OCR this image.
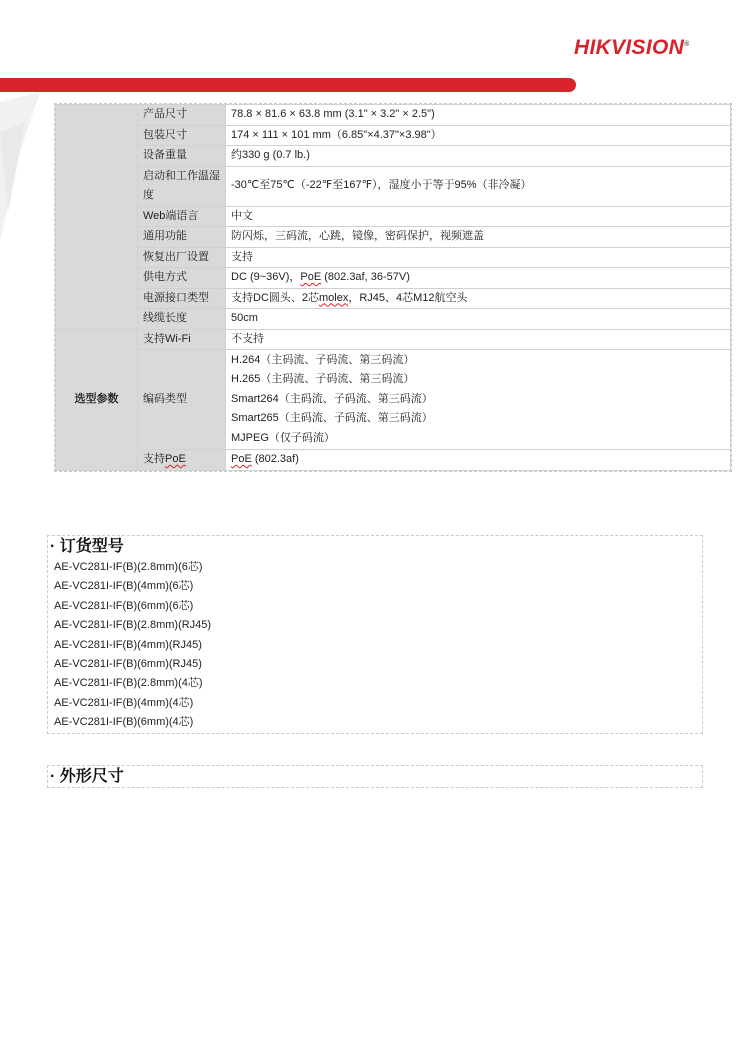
HIKVISION®
	产品尺寸	78.8 × 81.6 × 63.8 mm (3.1" × 3.2" × 2.5")
	包装尺寸	174 × 111 × 101 mm（6.85"×4.37"×3.98"）
	设备重量	约330 g (0.7 lb.)
	启动和工作温湿度	-30℃至75℃（-22℉至167℉），湿度小于等于95%（非冷凝）
	Web端语言	中文
	通用功能	防闪烁，三码流，心跳，镜像，密码保护，视频遮盖
	恢复出厂设置	支持
	供电方式	DC (9~36V)，PoE (802.3af, 36-57V)
	电源接口类型	支持DC圆头、2芯molex，RJ45、4芯M12航空头
	线缆长度	50cm
选型参数	支持Wi-Fi	不支持
	编码类型	H.264（主码流、子码流、第三码流）
H.265（主码流、子码流、第三码流）
Smart264（主码流、子码流、第三码流）
Smart265（主码流、子码流、第三码流）
MJPEG（仅子码流）

	支持PoE	PoE (802.3af)
· 订货型号
AE-VC281I-IF(B)(2.8mm)(6芯)
AE-VC281I-IF(B)(4mm)(6芯)
AE-VC281I-IF(B)(6mm)(6芯)
AE-VC281I-IF(B)(2.8mm)(RJ45)
AE-VC281I-IF(B)(4mm)(RJ45)
AE-VC281I-IF(B)(6mm)(RJ45)
AE-VC281I-IF(B)(2.8mm)(4芯)
AE-VC281I-IF(B)(4mm)(4芯)
AE-VC281I-IF(B)(6mm)(4芯)
· 外形尺寸
